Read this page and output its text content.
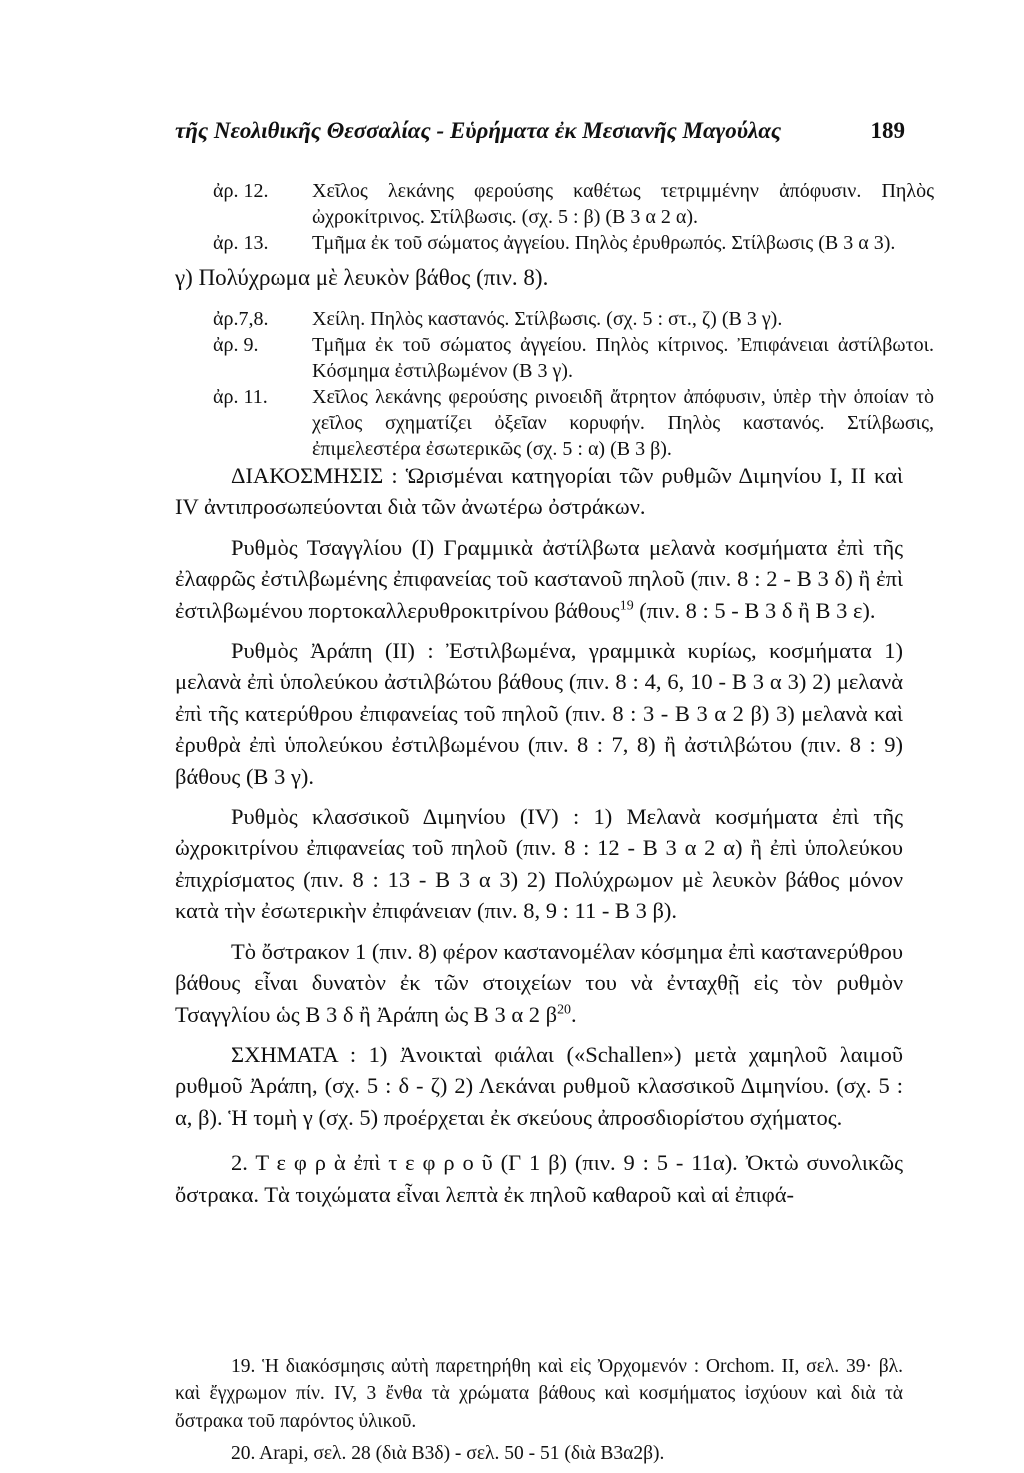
τῆς Νεολιθικῆς Θεσσαλίας - Εὑρήματα ἐκ Μεσιανῆς Μαγούλας	189
ἀρ. 12. Χεῖλος λεκάνης φερούσης καθέτως τετριμμένην ἀπόφυσιν. Πηλὸς ὠχροκίτρινος. Στίλβωσις. (σχ. 5 : β) (Β 3 α 2 α).
ἀρ. 13. Τμῆμα ἐκ τοῦ σώματος ἀγγείου. Πηλὸς ἐρυθρωπός. Στίλβωσις (Β 3 α 3).
γ) Πολύχρωμα μὲ λευκὸν βάθος (πιν. 8).
ἀρ.7,8. Χείλη. Πηλὸς καστανός. Στίλβωσις. (σχ. 5 : στ., ζ) (Β 3 γ).
ἀρ. 9.	Τμῆμα ἐκ τοῦ σώματος ἀγγείου. Πηλὸς κίτρινος. Ἐπιφάνειαι ἀστίλβωτοι. Κόσμημα ἐστιλβωμένον (Β 3 γ).
ἀρ. 11. Χεῖλος λεκάνης φερούσης ρινοειδῆ ἄτρητον ἀπόφυσιν, ὑπὲρ τὴν ὁποίαν τὸ χεῖλος σχηματίζει ὀξεῖαν κορυφήν. Πηλὸς καστανός. Στίλβωσις, ἐπιμελεστέρα ἐσωτερικῶς (σχ. 5 : α) (Β 3 β).

ΔΙΑΚΟΣΜΗΣΙΣ : Ὡρισμέναι κατηγορίαι τῶν ρυθμῶν Διμηνίου Ι, ΙΙ καὶ ΙV ἀντιπροσωπεύονται διὰ τῶν ἀνωτέρω ὀστράκων.

Ρυθμὸς Τσαγγλίου (Ι) Γραμμικὰ ἀστίλβωτα μελανὰ κοσμήματα ἐπὶ τῆς ἐλαφρῶς ἐστιλβωμένης ἐπιφανείας τοῦ καστανοῦ πηλοῦ (πιν. 8 : 2 - Β 3 δ) ἢ ἐπὶ ἐστιλβωμένου πορτοκαλλερυθροκιτρίνου βάθους$^{19}$ (πιν. 8 : 5 - Β 3 δ ἢ Β 3 ε).

Ρυθμὸς Ἀράπη (ΙΙ) : Ἐστιλβωμένα, γραμμικὰ κυρίως, κοσμήματα 1) μελανὰ ἐπὶ ὑπολεύκου ἀστιλβώτου βάθους (πιν. 8 : 4, 6, 10 - Β 3 α 3) 2) μελανὰ ἐπὶ τῆς κατερύθρου ἐπιφανείας τοῦ πηλοῦ (πιν. 8 : 3 - Β 3 α 2 β) 3) μελανὰ καὶ ἐρυθρὰ ἐπὶ ὑπολεύκου ἐστιλβωμένου (πιν. 8 : 7, 8) ἢ ἀστιλβώτου (πιν. 8 : 9) βάθους (Β 3 γ).

Ρυθμὸς κλασσικοῦ Διμηνίου (ΙV) : 1) Μελανὰ κοσμήματα ἐπὶ τῆς ὠχροκιτρίνου ἐπιφανείας τοῦ πηλοῦ (πιν. 8 : 12 - Β 3 α 2 α) ἢ ἐπὶ ὑπολεύκου ἐπιχρίσματος (πιν. 8 : 13 - Β 3 α 3) 2) Πολύχρωμον μὲ λευκὸν βάθος μόνον κατὰ τὴν ἐσωτερικὴν ἐπιφάνειαν (πιν. 8, 9 : 11 - Β 3 β).

Τὸ ὄστρακον 1 (πιν. 8) φέρον καστανομέλαν κόσμημα ἐπὶ καστανερύθρου βάθους εἶναι δυνατὸν ἐκ τῶν στοιχείων του νὰ ἐνταχθῇ εἰς τὸν ρυθμὸν Τσαγγλίου ὡς Β 3 δ ἢ Ἀράπη ὡς Β 3 α 2 $\beta^{20}$.

ΣΧΗΜΑΤΑ : 1) Ἀνοικταὶ φιάλαι («Schallen») μετὰ χαμηλοῦ λαιμοῦ ρυθμοῦ Ἀράπη, (σχ. 5 : δ - ζ) 2) Λεκάναι ρυθμοῦ κλασσικοῦ Διμηνίου. (σχ. 5 : α, β). Ἡ τομὴ γ (σχ. 5) προέρχεται ἐκ σκεύους ἀπροσδιορίστου σχήματος.

2. Τ ε φ ρ ὰ ἐπὶ τ ε φ ρ ο ῦ (Γ 1 β) (πιν. 9 : 5 - 11α). Ὀκτὼ συνολικῶς ὄστρακα. Τὰ τοιχώματα εἶναι λεπτὰ ἐκ πηλοῦ καθαροῦ καὶ αἱ ἐπιφά-

19. Ἡ διακόσμησις αὐτὴ παρετηρήθη καὶ εἰς Ὀρχομενόν : Orchom. II, σελ. 39· βλ. καὶ ἔγχρωμον πίν. IV, 3 ἔνθα τὰ χρώματα βάθους καὶ κοσμήματος ἰσχύουν καὶ διὰ τὰ ὄστρακα τοῦ παρόντος ὑλικοῦ.

20. Arapi, σελ. 28 (διὰ Β3δ) - σελ. 50 - 51 (διὰ Β3α2β).
